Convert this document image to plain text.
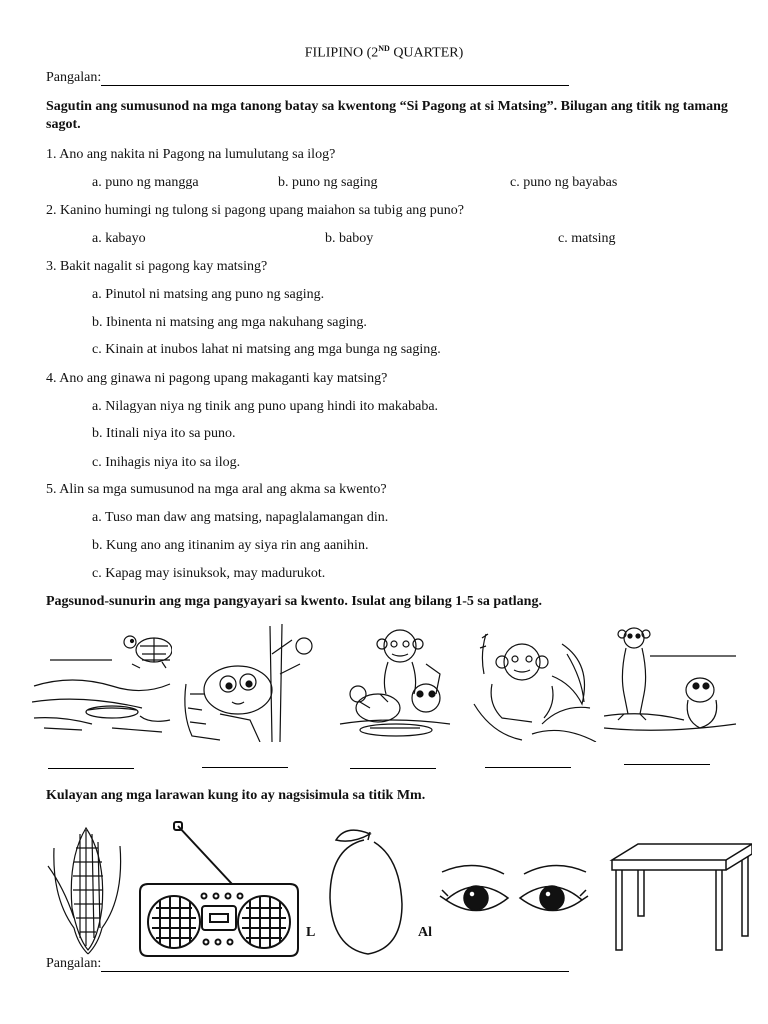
FILIPINO (2ND QUARTER)
Pangalan:
Sagutin ang sumusunod na mga tanong batay sa kwentong “Si Pagong at si Matsing”. Bilugan ang titik ng tamang sagot.
1. Ano ang nakita ni Pagong na lumulutang sa ilog?
a. puno ng mangga	b. puno ng saging	c. puno ng bayabas
2. Kanino humingi ng tulong si pagong upang maiahon sa tubig ang puno?
a. kabayo	b. baboy	c. matsing
3. Bakit nagalit si pagong kay matsing?
a. Pinutol ni matsing ang puno ng saging.
b. Ibinenta ni matsing ang mga nakuhang saging.
c. Kinain at inubos lahat ni matsing ang mga bunga ng saging.
4. Ano ang ginawa ni pagong upang makaganti kay matsing?
a. Nilagyan niya ng tinik ang puno upang hindi ito makababa.
b. Itinali niya ito sa puno.
c. Inihagis niya ito sa ilog.
5. Alin sa mga sumusunod na mga aral ang akma sa kwento?
a. Tuso man daw ang matsing, napaglalamangan din.
b. Kung ano ang itinanim ay siya rin ang aanihin.
c. Kapag may isinuksok, may madurukot.
Pagsunod-sunurin ang mga pangyayari sa kwento. Isulat ang bilang 1-5 sa patlang.
Kulayan ang mga larawan kung ito ay nagsisimula sa titik Mm.
L	Al
Pangalan:
